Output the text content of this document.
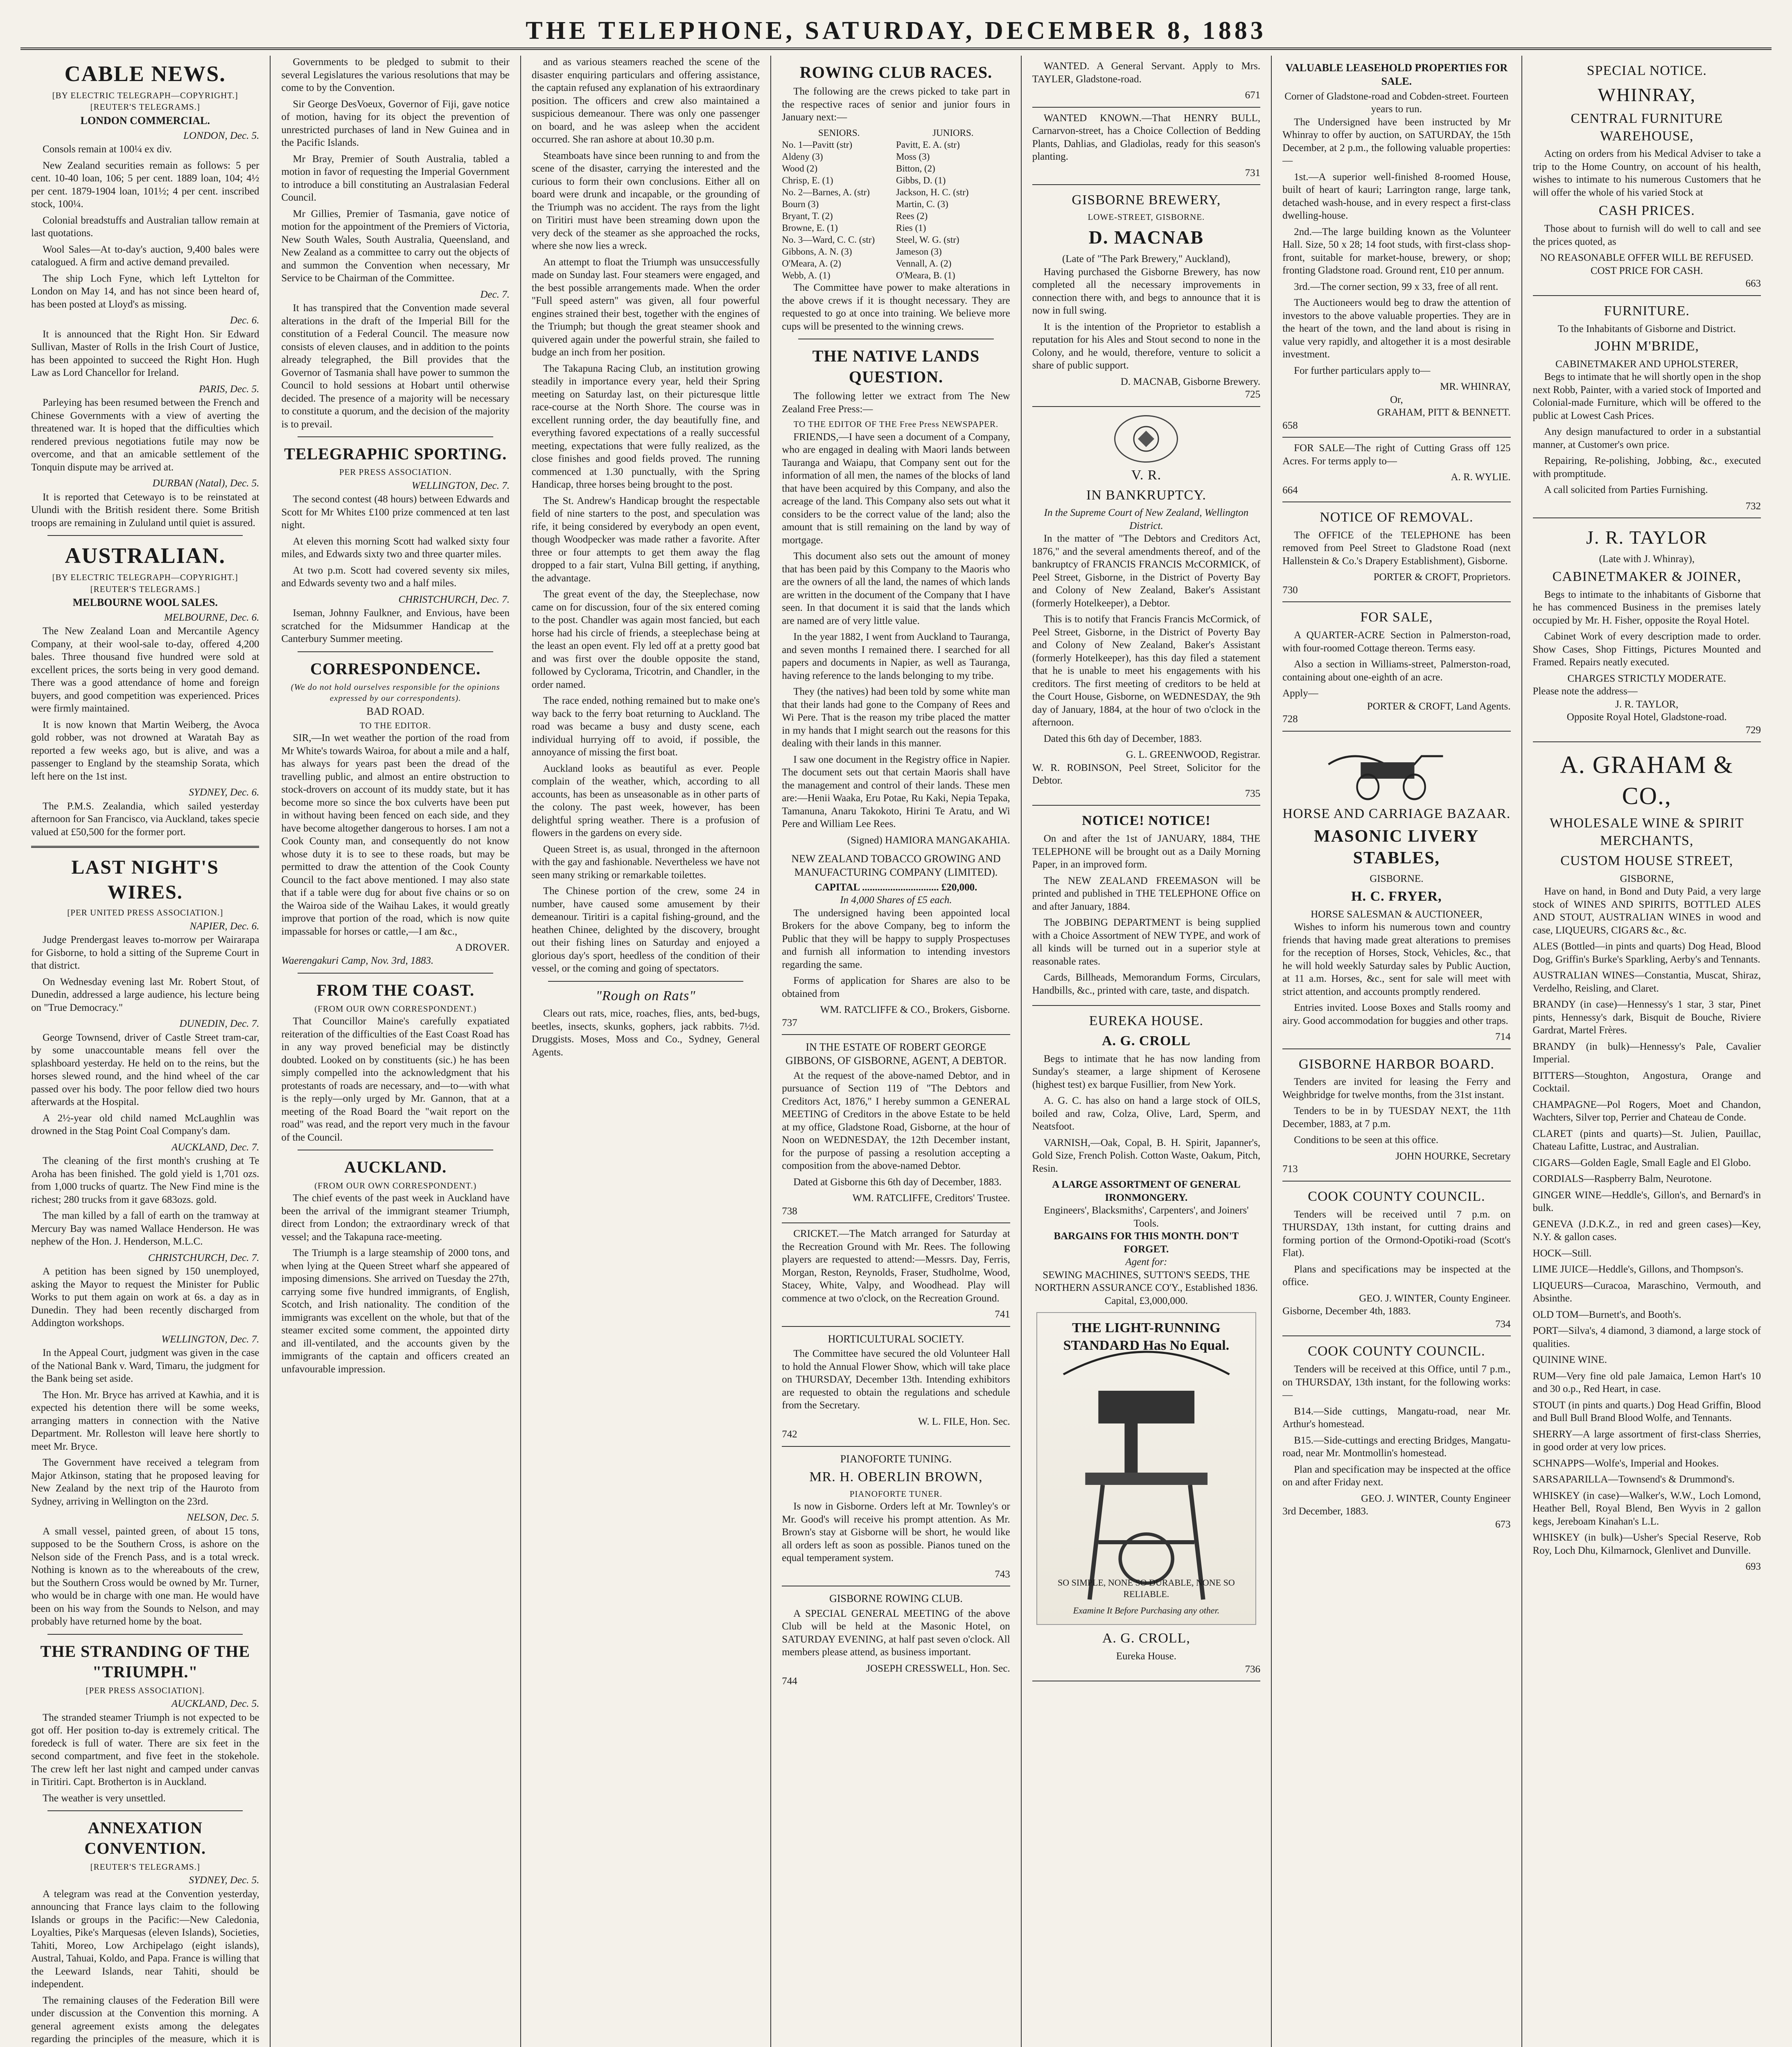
THE TELEPHONE, SATURDAY, DECEMBER 8, 1883
CABLE NEWS.
[BY ELECTRIC TELEGRAPH—COPYRIGHT.]
[REUTER'S TELEGRAMS.]
LONDON COMMERCIAL.
LONDON, Dec. 5.

Consols remain at 100¼ ex div.

New Zealand securities remain as follows: 5 per cent. 10-40 loan, 106; 5 per cent. 1889 loan, 104; 4½ per cent. 1879-1904 loan, 101½; 4 per cent. inscribed stock, 100¼.

Colonial breadstuffs and Australian tallow remain at last quotations.

Wool Sales—At to-day's auction, 9,400 bales were catalogued. A firm and active demand prevailed.

The ship Loch Fyne, which left Lyttelton for London on May 14, and has not since been heard of, has been posted at Lloyd's as missing.

Dec. 6.

It is announced that the Right Hon. Sir Edward Sullivan, Master of Rolls in the Irish Court of Justice, has been appointed to succeed the Right Hon. Hugh Law as Lord Chancellor for Ireland.

PARIS, Dec. 5.

Parleying has been resumed between the French and Chinese Governments with a view of averting the threatened war. It is hoped that the difficulties which rendered previous negotiations futile may now be overcome, and that an amicable settlement of the Tonquin dispute may be arrived at.

DURBAN (Natal), Dec. 5.

It is reported that Cetewayo is to be reinstated at Ulundi with the British resident there. Some British troops are remaining in Zululand until quiet is assured.

AUSTRALIAN.
[BY ELECTRIC TELEGRAPH—COPYRIGHT.]
[REUTER'S TELEGRAMS.]
MELBOURNE WOOL SALES.
MELBOURNE, Dec. 6.

The New Zealand Loan and Mercantile Agency Company, at their wool-sale to-day, offered 4,200 bales. Three thousand five hundred were sold at excellent prices, the sorts being in very good demand. There was a good attendance of home and foreign buyers, and good competition was experienced. Prices were firmly maintained.

It is now known that Martin Weiberg, the Avoca gold robber, was not drowned at Waratah Bay as reported a few weeks ago, but is alive, and was a passenger to England by the steamship Sorata, which left here on the 1st inst.

SYDNEY, Dec. 6.

The P.M.S. Zealandia, which sailed yesterday afternoon for San Francisco, via Auckland, takes specie valued at £50,500 for the former port.

LAST NIGHT'S WIRES.
[PER UNITED PRESS ASSOCIATION.]
NAPIER, Dec. 6.

Judge Prendergast leaves to-morrow per Wairarapa for Gisborne, to hold a sitting of the Supreme Court in that district.

On Wednesday evening last Mr. Robert Stout, of Dunedin, addressed a large audience, his lecture being on "True Democracy."

DUNEDIN, Dec. 7.

George Townsend, driver of Castle Street tram-car, by some unaccountable means fell over the splashboard yesterday. He held on to the reins, but the horses slewed round, and the hind wheel of the car passed over his body. The poor fellow died two hours afterwards at the Hospital.

A 2½-year old child named McLaughlin was drowned in the Stag Point Coal Company's dam.

AUCKLAND, Dec. 7.

The cleaning of the first month's crushing at Te Aroha has been finished. The gold yield is 1,701 ozs. from 1,000 trucks of quartz. The New Find mine is the richest; 280 trucks from it gave 683ozs. gold.

The man killed by a fall of earth on the tramway at Mercury Bay was named Wallace Henderson. He was nephew of the Hon. J. Henderson, M.L.C.

CHRISTCHURCH, Dec. 7.

A petition has been signed by 150 unemployed, asking the Mayor to request the Minister for Public Works to put them again on work at 6s. a day as in Dunedin. They had been recently discharged from Addington workshops.

WELLINGTON, Dec. 7.

In the Appeal Court, judgment was given in the case of the National Bank v. Ward, Timaru, the judgment for the Bank being set aside.

The Hon. Mr. Bryce has arrived at Kawhia, and it is expected his detention there will be some weeks, arranging matters in connection with the Native Department. Mr. Rolleston will leave here shortly to meet Mr. Bryce.

The Government have received a telegram from Major Atkinson, stating that he proposed leaving for New Zealand by the next trip of the Hauroto from Sydney, arriving in Wellington on the 23rd.

NELSON, Dec. 5.

A small vessel, painted green, of about 15 tons, supposed to be the Southern Cross, is ashore on the Nelson side of the French Pass, and is a total wreck. Nothing is known as to the whereabouts of the crew, but the Southern Cross would be owned by Mr. Turner, who would be in charge with one man. He would have been on his way from the Sounds to Nelson, and may probably have returned home by the boat.

THE STRANDING OF THE "TRIUMPH."
[PER PRESS ASSOCIATION].
AUCKLAND, Dec. 5.

The stranded steamer Triumph is not expected to be got off. Her position to-day is extremely critical. The foredeck is full of water. There are six feet in the second compartment, and five feet in the stokehole. The crew left her last night and camped under canvas in Tiritiri. Capt. Brotherton is in Auckland.

The weather is very unsettled.

ANNEXATION CONVENTION.
[REUTER'S TELEGRAMS.]
SYDNEY, Dec. 5.

A telegram was read at the Convention yesterday, announcing that France lays claim to the following Islands or groups in the Pacific:—New Caledonia, Loyalties, Pike's Marquesas (eleven Islands), Societies, Tahiti, Moreo, Low Archipelago (eight islands), Austral, Tahuai, Koldo, and Papa. France is willing that the Leeward Islands, near Tahiti, should be independent.

The remaining clauses of the Federation Bill were under discussion at the Convention this morning. A general agreement exists among the delegates regarding the principles of the measure, which it is

Governments to be pledged to submit to their several Legislatures the various resolutions that may be come to by the Convention.

Sir George DesVoeux, Governor of Fiji, gave notice of motion, having for its object the prevention of unrestricted purchases of land in New Guinea and in the Pacific Islands.

Mr Bray, Premier of South Australia, tabled a motion in favor of requesting the Imperial Government to introduce a bill constituting an Australasian Federal Council.

Mr Gillies, Premier of Tasmania, gave notice of motion for the appointment of the Premiers of Victoria, New South Wales, South Australia, Queensland, and New Zealand as a committee to carry out the objects of and summon the Convention when necessary, Mr Service to be Chairman of the Committee.

Dec. 7.

It has transpired that the Convention made several alterations in the draft of the Imperial Bill for the constitution of a Federal Council. The measure now consists of eleven clauses, and in addition to the points already telegraphed, the Bill provides that the Governor of Tasmania shall have power to summon the Council to hold sessions at Hobart until otherwise decided. The presence of a majority will be necessary to constitute a quorum, and the decision of the majority is to prevail.

TELEGRAPHIC SPORTING.
PER PRESS ASSOCIATION.
WELLINGTON, Dec. 7.

The second contest (48 hours) between Edwards and Scott for Mr Whites £100 prize commenced at ten last night.

At eleven this morning Scott had walked sixty four miles, and Edwards sixty two and three quarter miles.

At two p.m. Scott had covered seventy six miles, and Edwards seventy two and a half miles.

CHRISTCHURCH, Dec. 7.

Iseman, Johnny Faulkner, and Envious, have been scratched for the Midsummer Handicap at the Canterbury Summer meeting.

CORRESPONDENCE.
(We do not hold ourselves responsible for the opinions expressed by our correspondents).
BAD ROAD.
TO THE EDITOR.

SIR,—In wet weather the portion of the road from Mr White's towards Wairoa, for about a mile and a half, has always for years past been the dread of the travelling public, and almost an entire obstruction to stock-drovers on account of its muddy state, but it has become more so since the box culverts have been put in without having been fenced on each side, and they have become altogether dangerous to horses. I am not a Cook County man, and consequently do not know whose duty it is to see to these roads, but may be permitted to draw the attention of the Cook County Council to the fact above mentioned. I may also state that if a table were dug for about five chains or so on the Wairoa side of the Waihau Lakes, it would greatly improve that portion of the road, which is now quite impassable for horses or cattle,—I am &c.,

A DROVER.
Waerengakuri Camp, Nov. 3rd, 1883.
FROM THE COAST.
(FROM OUR OWN CORRESPONDENT.)

That Councillor Maine's carefully expatiated reiteration of the difficulties of the East Coast Road has in any way proved beneficial may be distinctly doubted. Looked on by constituents (sic.) he has been simply compelled into the acknowledgment that his protestants of roads are necessary, and—to—with what is the reply—only urged by Mr. Gannon, that at a meeting of the Road Board the "wait report on the road" was read, and the report very much in the favour of the Council.

AUCKLAND.
(FROM OUR OWN CORRESPONDENT.)

The chief events of the past week in Auckland have been the arrival of the immigrant steamer Triumph, direct from London; the extraordinary wreck of that vessel; and the Takapuna race-meeting.

The Triumph is a large steamship of 2000 tons, and when lying at the Queen Street wharf she appeared of imposing dimensions. She arrived on Tuesday the 27th, carrying some five hundred immigrants, of English, Scotch, and Irish nationality. The condition of the immigrants was excellent on the whole, but that of the steamer excited some comment, the appointed dirty and ill-ventilated, and the accounts given by the immigrants of the captain and officers created an unfavourable impression.

and as various steamers reached the scene of the disaster enquiring particulars and offering assistance, the captain refused any explanation of his extraordinary position. The officers and crew also maintained a suspicious demeanour. There was only one passenger on board, and he was asleep when the accident occurred. She ran ashore at about 10.30 p.m.

Steamboats have since been running to and from the scene of the disaster, carrying the interested and the curious to form their own conclusions. Either all on board were drunk and incapable, or the grounding of the Triumph was no accident. The rays from the light on Tiritiri must have been streaming down upon the very deck of the steamer as she approached the rocks, where she now lies a wreck.

An attempt to float the Triumph was unsuccessfully made on Sunday last. Four steamers were engaged, and the best possible arrangements made. When the order "Full speed astern" was given, all four powerful engines strained their best, together with the engines of the Triumph; but though the great steamer shook and quivered again under the powerful strain, she failed to budge an inch from her position.

The Takapuna Racing Club, an institution growing steadily in importance every year, held their Spring meeting on Saturday last, on their picturesque little race-course at the North Shore. The course was in excellent running order, the day beautifully fine, and everything favored expectations of a really successful meeting, expectations that were fully realized, as the close finishes and good fields proved. The running commenced at 1.30 punctually, with the Spring Handicap, three horses being brought to the post.

The St. Andrew's Handicap brought the respectable field of nine starters to the post, and speculation was rife, it being considered by everybody an open event, though Woodpecker was made rather a favorite. After three or four attempts to get them away the flag dropped to a fair start, Vulna Bill getting, if anything, the advantage.

The great event of the day, the Steeplechase, now came on for discussion, four of the six entered coming to the post. Chandler was again most fancied, but each horse had his circle of friends, a steeplechase being at the least an open event. Fly led off at a pretty good bat and was first over the double opposite the stand, followed by Cyclorama, Tricotrin, and Chandler, in the order named.

The race ended, nothing remained but to make one's way back to the ferry boat returning to Auckland. The road was became a busy and dusty scene, each individual hurrying off to avoid, if possible, the annoyance of missing the first boat.

Auckland looks as beautiful as ever. People complain of the weather, which, according to all accounts, has been as unseasonable as in other parts of the colony. The past week, however, has been delightful spring weather. There is a profusion of flowers in the gardens on every side.

Queen Street is, as usual, thronged in the afternoon with the gay and fashionable. Nevertheless we have not seen many striking or remarkable toilettes.

The Chinese portion of the crew, some 24 in number, have caused some amusement by their demeanour. Tiritiri is a capital fishing-ground, and the heathen Chinee, delighted by the discovery, brought out their fishing lines on Saturday and enjoyed a glorious day's sport, heedless of the condition of their vessel, or the coming and going of spectators.

"Rough on Rats"

Clears out rats, mice, roaches, flies, ants, bed-bugs, beetles, insects, skunks, gophers, jack rabbits. 7½d. Druggists. Moses, Moss and Co., Sydney, General Agents.

ROWING CLUB RACES.

The following are the crews picked to take part in the respective races of senior and junior fours in January next:—

SENIORS.	JUNIORS.
No. 1—Pavitt (str)	Pavitt, E. A. (str)
Aldeny (3)	Moss (3)
Wood (2)	Bitton, (2)
Chrisp, E. (1)	Gibbs, D. (1)
No. 2—Barnes, A. (str)	Jackson, H. C. (str)
Bourn (3)	Martin, C. (3)
Bryant, T. (2)	Rees (2)
Browne, E. (1)	Ries (1)
No. 3—Ward, C. C. (str)	Steel, W. G. (str)
Gibbons, A. N. (3)	Jameson (3)
O'Meara, A. (2)	Vennall, A. (2)
Webb, A. (1)	O'Meara, B. (1)

The Committee have power to make alterations in the above crews if it is thought necessary. They are requested to go at once into training. We believe more cups will be presented to the winning crews.

THE NATIVE LANDS QUESTION.

The following letter we extract from The New Zealand Free Press:—

TO THE EDITOR OF THE Free Press NEWSPAPER.

FRIENDS,—I have seen a document of a Company, who are engaged in dealing with Maori lands between Tauranga and Waiapu, that Company sent out for the information of all men, the names of the blocks of land that have been acquired by this Company, and also the acreage of the land. This Company also sets out what it considers to be the correct value of the land; also the amount that is still remaining on the land by way of mortgage.

This document also sets out the amount of money that has been paid by this Company to the Maoris who are the owners of all the land, the names of which lands are written in the document of the Company that I have seen. In that document it is said that the lands which are named are of very little value.

In the year 1882, I went from Auckland to Tauranga, and seven months I remained there. I searched for all papers and documents in Napier, as well as Tauranga, having reference to the lands belonging to my tribe.

They (the natives) had been told by some white man that their lands had gone to the Company of Rees and Wi Pere. That is the reason my tribe placed the matter in my hands that I might search out the reasons for this dealing with their lands in this manner.

I saw one document in the Registry office in Napier. The document sets out that certain Maoris shall have the management and control of their lands. These men are:—Henii Waaka, Eru Potae, Ru Kaki, Nepia Tepaka, Tamanuna, Anaru Takokoto, Hirini Te Aratu, and Wi Pere and William Lee Rees.

(Signed) HAMIORA MANGAKAHIA.
NEW ZEALAND TOBACCO GROWING AND MANUFACTURING COMPANY (LIMITED).
CAPITAL .............................. £20,000.
In 4,000 Shares of £5 each.

The undersigned having been appointed local Brokers for the above Company, beg to inform the Public that they will be happy to supply Prospectuses and furnish all information to intending investors regarding the same.

Forms of application for Shares are also to be obtained from

WM. RATCLIFFE & CO., Brokers, Gisborne.
737
IN THE ESTATE OF ROBERT GEORGE GIBBONS, OF GISBORNE, AGENT, A DEBTOR.

At the request of the above-named Debtor, and in pursuance of Section 119 of "The Debtors and Creditors Act, 1876," I hereby summon a GENERAL MEETING of Creditors in the above Estate to be held at my office, Gladstone Road, Gisborne, at the hour of Noon on WEDNESDAY, the 12th December instant, for the purpose of passing a resolution accepting a composition from the above-named Debtor.

Dated at Gisborne this 6th day of December, 1883.

WM. RATCLIFFE, Creditors' Trustee.
738

CRICKET.—The Match arranged for Saturday at the Recreation Ground with Mr. Rees. The following players are requested to attend:—Messrs. Day, Ferris, Morgan, Reston, Reynolds, Fraser, Studholme, Wood, Stacey, White, Valpy, and Woodhead. Play will commence at two o'clock, on the Recreation Ground.

741
HORTICULTURAL SOCIETY.

The Committee have secured the old Volunteer Hall to hold the Annual Flower Show, which will take place on THURSDAY, December 13th. Intending exhibitors are requested to obtain the regulations and schedule from the Secretary.

W. L. FILE, Hon. Sec.
742
PIANOFORTE TUNING.
MR. H. OBERLIN BROWN,
PIANOFORTE TUNER.

Is now in Gisborne. Orders left at Mr. Townley's or Mr. Good's will receive his prompt attention. As Mr. Brown's stay at Gisborne will be short, he would like all orders left as soon as possible. Pianos tuned on the equal temperament system.

743
GISBORNE ROWING CLUB.

A SPECIAL GENERAL MEETING of the above Club will be held at the Masonic Hotel, on SATURDAY EVENING, at half past seven o'clock. All members please attend, as business important.

JOSEPH CRESSWELL, Hon. Sec.
744

WANTED. A General Servant. Apply to Mrs. TAYLER, Gladstone-road.

671

WANTED KNOWN.—That HENRY BULL, Carnarvon-street, has a Choice Collection of Bedding Plants, Dahlias, and Gladiolas, ready for this season's planting.

731
GISBORNE BREWERY,
LOWE-STREET, GISBORNE.
D. MACNAB
(Late of "The Park Brewery," Auckland),

Having purchased the Gisborne Brewery, has now completed all the necessary improvements in connection there with, and begs to announce that it is now in full swing.

It is the intention of the Proprietor to establish a reputation for his Ales and Stout second to none in the Colony, and he would, therefore, venture to solicit a share of public support.

D. MACNAB, Gisborne Brewery.
725
V. R.
IN BANKRUPTCY.
In the Supreme Court of New Zealand, Wellington District.

In the matter of "The Debtors and Creditors Act, 1876," and the several amendments thereof, and of the bankruptcy of FRANCIS FRANCIS McCORMICK, of Peel Street, Gisborne, in the District of Poverty Bay and Colony of New Zealand, Baker's Assistant (formerly Hotelkeeper), a Debtor.

This is to notify that Francis Francis McCormick, of Peel Street, Gisborne, in the District of Poverty Bay and Colony of New Zealand, Baker's Assistant (formerly Hotelkeeper), has this day filed a statement that he is unable to meet his engagements with his creditors. The first meeting of creditors to be held at the Court House, Gisborne, on WEDNESDAY, the 9th day of January, 1884, at the hour of two o'clock in the afternoon.

Dated this 6th day of December, 1883.

G. L. GREENWOOD, Registrar.
W. R. ROBINSON, Peel Street, Solicitor for the Debtor.
735
NOTICE! NOTICE!

On and after the 1st of JANUARY, 1884, THE TELEPHONE will be brought out as a Daily Morning Paper, in an improved form.

The NEW ZEALAND FREEMASON will be printed and published in THE TELEPHONE Office on and after January, 1884.

The JOBBING DEPARTMENT is being supplied with a Choice Assortment of NEW TYPE, and work of all kinds will be turned out in a superior style at reasonable rates.

Cards, Billheads, Memorandum Forms, Circulars, Handbills, &c., printed with care, taste, and dispatch.

EUREKA HOUSE.
A. G. CROLL

Begs to intimate that he has now landing from Sunday's steamer, a large shipment of Kerosene (highest test) ex barque Fusillier, from New York.

A. G. C. has also on hand a large stock of OILS, boiled and raw, Colza, Olive, Lard, Sperm, and Neatsfoot.

VARNISH,—Oak, Copal, B. H. Spirit, Japanner's, Gold Size, French Polish. Cotton Waste, Oakum, Pitch, Resin.

A LARGE ASSORTMENT OF GENERAL IRONMONGERY.
Engineers', Blacksmiths', Carpenters', and Joiners' Tools.
BARGAINS FOR THIS MONTH. DON'T FORGET.
Agent for:
SEWING MACHINES, SUTTON'S SEEDS, THE NORTHERN ASSURANCE CO'Y., Established 1836. Capital, £3,000,000.
THE LIGHT-RUNNING STANDARD Has No Equal.
SO SIMPLE, NONE SO DURABLE, NONE SO RELIABLE.
Examine It Before Purchasing any other.
A. G. CROLL,
Eureka House.
736
VALUABLE LEASEHOLD PROPERTIES FOR SALE.
Corner of Gladstone-road and Cobden-street. Fourteen years to run.

The Undersigned have been instructed by Mr Whinray to offer by auction, on SATURDAY, the 15th December, at 2 p.m., the following valuable properties:—

1st.—A superior well-finished 8-roomed House, built of heart of kauri; Larrington range, large tank, detached wash-house, and in every respect a first-class dwelling-house.

2nd.—The large building known as the Volunteer Hall. Size, 50 x 28; 14 foot studs, with first-class shop-front, suitable for market-house, brewery, or shop; fronting Gladstone road. Ground rent, £10 per annum.

3rd.—The corner section, 99 x 33, free of all rent.

The Auctioneers would beg to draw the attention of investors to the above valuable properties. They are in the heart of the town, and the land about is rising in value very rapidly, and altogether it is a most desirable investment.

For further particulars apply to—

MR. WHINRAY,
Or,
GRAHAM, PITT & BENNETT.
658

FOR SALE—The right of Cutting Grass off 125 Acres. For terms apply to—

A. R. WYLIE.
664
NOTICE OF REMOVAL.

The OFFICE of the TELEPHONE has been removed from Peel Street to Gladstone Road (next Hallenstein & Co.'s Drapery Establishment), Gisborne.

PORTER & CROFT, Proprietors.
730
FOR SALE,

A QUARTER-ACRE Section in Palmerston-road, with four-roomed Cottage thereon. Terms easy.

Also a section in Williams-street, Palmerston-road, containing about one-eighth of an acre.

Apply—
PORTER & CROFT, Land Agents.
728
HORSE AND CARRIAGE BAZAAR.
MASONIC LIVERY STABLES,
GISBORNE.
H. C. FRYER,
HORSE SALESMAN & AUCTIONEER,

Wishes to inform his numerous town and country friends that having made great alterations to premises for the reception of Horses, Stock, Vehicles, &c., that he will hold weekly Saturday sales by Public Auction, at 11 a.m. Horses, &c., sent for sale will meet with strict attention, and accounts promptly rendered.

Entries invited. Loose Boxes and Stalls roomy and airy. Good accommodation for buggies and other traps.

714
GISBORNE HARBOR BOARD.

Tenders are invited for leasing the Ferry and Weighbridge for twelve months, from the 31st instant.

Tenders to be in by TUESDAY NEXT, the 11th December, 1883, at 7 p.m.

Conditions to be seen at this office.

JOHN HOURKE, Secretary
713
COOK COUNTY COUNCIL.

Tenders will be received until 7 p.m. on THURSDAY, 13th instant, for cutting drains and forming portion of the Ormond-Opotiki-road (Scott's Flat).

Plans and specifications may be inspected at the office.

GEO. J. WINTER, County Engineer.
Gisborne, December 4th, 1883.
734
COOK COUNTY COUNCIL.

Tenders will be received at this Office, until 7 p.m., on THURSDAY, 13th instant, for the following works:—

B14.—Side cuttings, Mangatu-road, near Mr. Arthur's homestead.

B15.—Side-cuttings and erecting Bridges, Mangatu-road, near Mr. Montmollin's homestead.

Plan and specification may be inspected at the office on and after Friday next.

GEO. J. WINTER, County Engineer
3rd December, 1883.
673
SPECIAL NOTICE.
WHINRAY,
CENTRAL FURNITURE WAREHOUSE,

Acting on orders from his Medical Adviser to take a trip to the Home Country, on account of his health, wishes to intimate to his numerous Customers that he will offer the whole of his varied Stock at

CASH PRICES.

Those about to furnish will do well to call and see the prices quoted, as

NO REASONABLE OFFER WILL BE REFUSED.
COST PRICE FOR CASH.
663
FURNITURE.
To the Inhabitants of Gisborne and District.
JOHN M'BRIDE,
CABINETMAKER AND UPHOLSTERER,

Begs to intimate that he will shortly open in the shop next Robb, Painter, with a varied stock of Imported and Colonial-made Furniture, which will be offered to the public at Lowest Cash Prices.

Any design manufactured to order in a substantial manner, at Customer's own price.

Repairing, Re-polishing, Jobbing, &c., executed with promptitude.

A call solicited from Parties Furnishing.

732
J. R. TAYLOR
(Late with J. Whinray),
CABINETMAKER & JOINER,

Begs to intimate to the inhabitants of Gisborne that he has commenced Business in the premises lately occupied by Mr. H. Fisher, opposite the Royal Hotel.

Cabinet Work of every description made to order. Show Cases, Shop Fittings, Pictures Mounted and Framed. Repairs neatly executed.

CHARGES STRICTLY MODERATE.
Please note the address—
J. R. TAYLOR,
Opposite Royal Hotel, Gladstone-road.
729
A. GRAHAM & CO.,
WHOLESALE WINE & SPIRIT MERCHANTS,
CUSTOM HOUSE STREET,
GISBORNE,

Have on hand, in Bond and Duty Paid, a very large stock of WINES AND SPIRITS, BOTTLED ALES AND STOUT, AUSTRALIAN WINES in wood and case, LIQUEURS, CIGARS &c., &c.

ALES (Bottled—in pints and quarts) Dog Head, Blood Dog, Griffin's Burke's Sparkling, Aerby's and Tennants.
AUSTRALIAN WINES—Constantia, Muscat, Shiraz, Verdelho, Reisling, and Claret.
BRANDY (in case)—Hennessy's 1 star, 3 star, Pinet pints, Hennessy's dark, Bisquit de Bouche, Riviere Gardrat, Martel Frères.
BRANDY (in bulk)—Hennessy's Pale, Cavalier Imperial.
BITTERS—Stoughton, Angostura, Orange and Cocktail.
CHAMPAGNE—Pol Rogers, Moet and Chandon, Wachters, Silver top, Perrier and Chateau de Conde.
CLARET (pints and quarts)—St. Julien, Pauillac, Chateau Lafitte, Lustrac, and Australian.
CIGARS—Golden Eagle, Small Eagle and El Globo.
CORDIALS—Raspberry Balm, Neurotone.
GINGER WINE—Heddle's, Gillon's, and Bernard's in bulk.
GENEVA (J.D.K.Z., in red and green cases)—Key, N.Y. & gallon cases.
HOCK—Still.
LIME JUICE—Heddle's, Gillons, and Thompson's.
LIQUEURS—Curacoa, Maraschino, Vermouth, and Absinthe.
OLD TOM—Burnett's, and Booth's.
PORT—Silva's, 4 diamond, 3 diamond, a large stock of qualities.
QUININE WINE.
RUM—Very fine old pale Jamaica, Lemon Hart's 10 and 30 o.p., Red Heart, in case.
STOUT (in pints and quarts.) Dog Head Griffin, Blood and Bull Bull Brand Blood Wolfe, and Tennants.
SHERRY—A large assortment of first-class Sherries, in good order at very low prices.
SCHNAPPS—Wolfe's, Imperial and Hookes.
SARSAPARILLA—Townsend's & Drummond's.
WHISKEY (in case)—Walker's, W.W., Loch Lomond, Heather Bell, Royal Blend, Ben Wyvis in 2 gallon kegs, Jereboam Kinahan's L.L.
WHISKEY (in bulk)—Usher's Special Reserve, Rob Roy, Loch Dhu, Kilmarnock, Glenlivet and Dunville.
693
